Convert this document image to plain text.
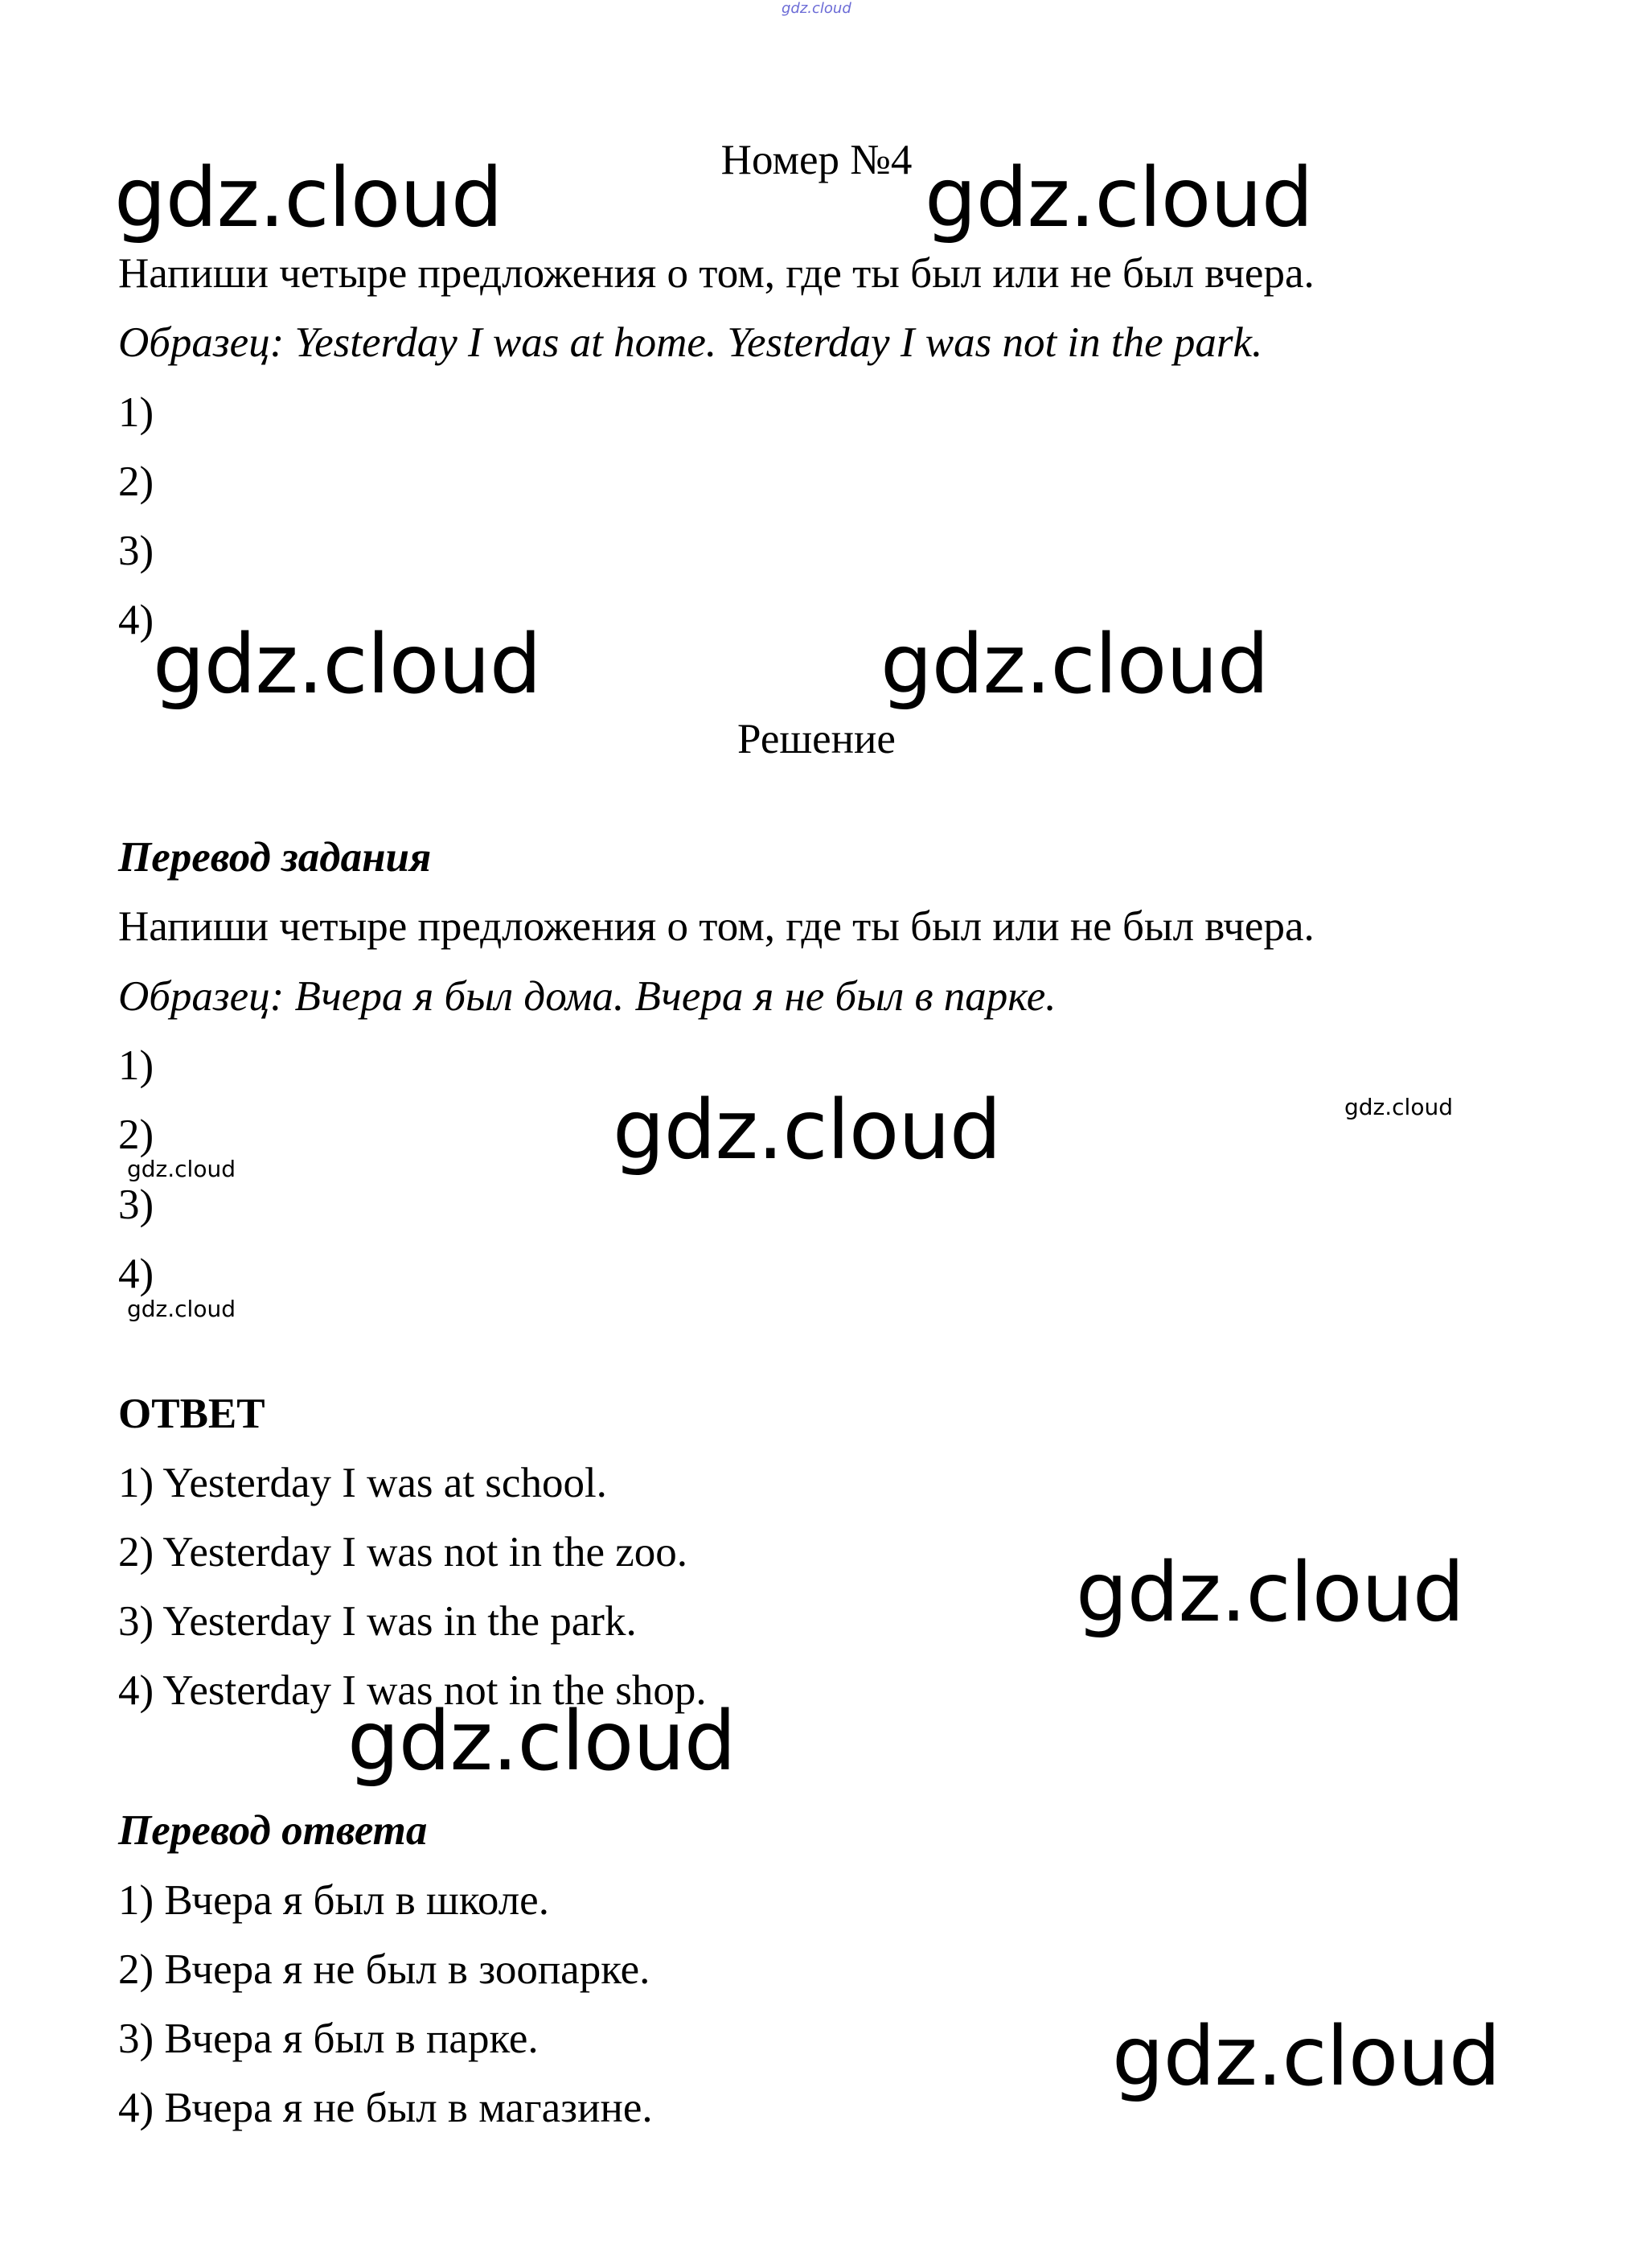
gdz.cloud
Номер №4
Напиши четыре предложения о том, где ты был или не был вчера.
Образец: Yesterday I was at home. Yesterday I was not in the park.
1)
2)
3)
4)
Решение
Перевод задания
Напиши четыре предложения о том, где ты был или не был вчера.
Образец: Вчера я был дома. Вчера я не был в парке.
1)
2)
3)
4)
ОТВЕТ
1) Yesterday I was at school.
2) Yesterday I was not in the zoo.
3) Yesterday I was in the park.
4) Yesterday I was not in the shop.
Перевод ответа
1) Вчера я был в школе.
2) Вчера я не был в зоопарке.
3) Вчера я был в парке.
4) Вчера я не был в магазине.
gdz.cloud	gdz.cloud
gdz.cloud	gdz.cloud
gdz.cloud
gdz.cloud
gdz.cloud
gdz.cloud
gdz.cloud
gdz.cloud
gdz.cloud
